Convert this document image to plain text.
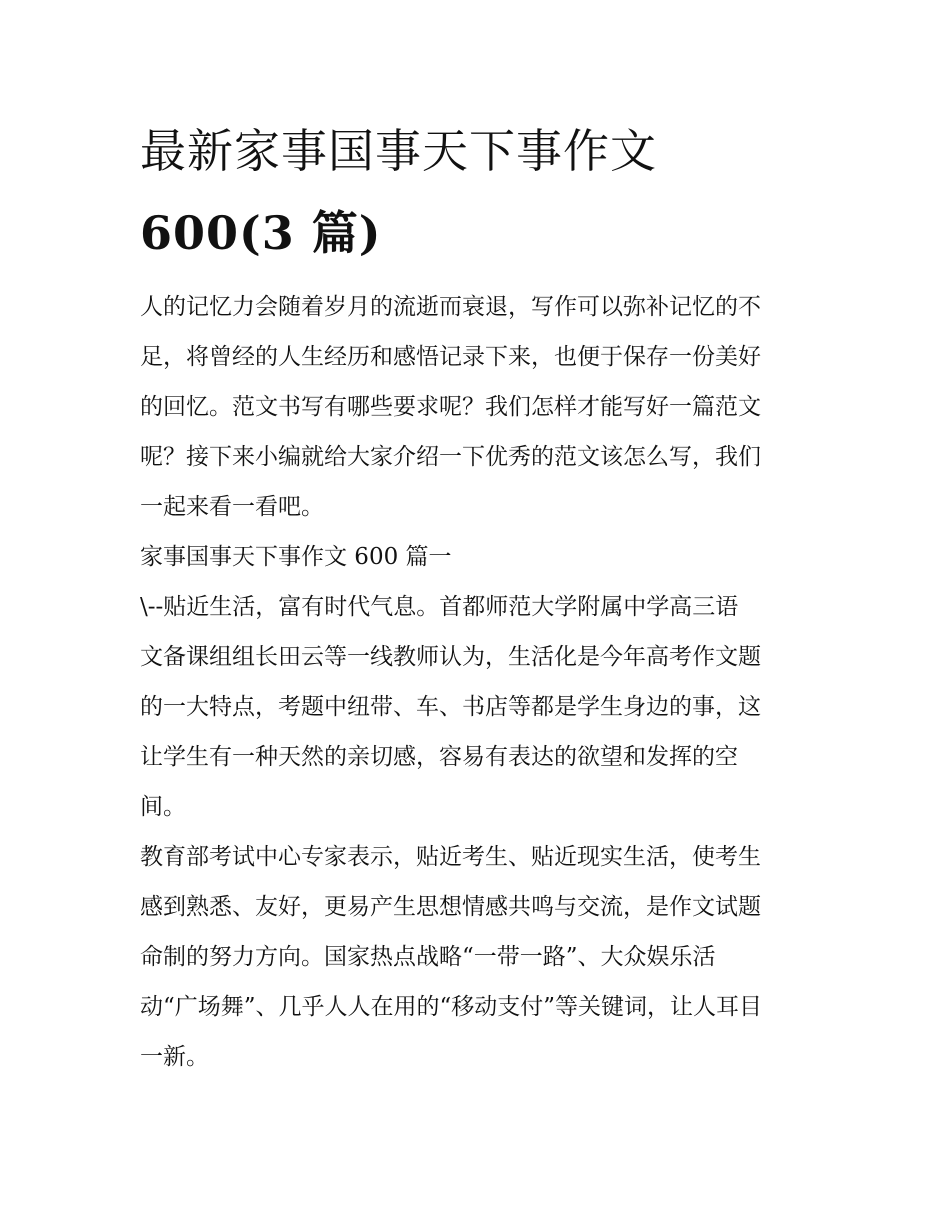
最新家事国事天下事作文
600(3 篇)

人的记忆力会随着岁月的流逝而衰退，写作可以弥补记忆的不
足，将曾经的人生经历和感悟记录下来，也便于保存一份美好
的回忆。范文书写有哪些要求呢？我们怎样才能写好一篇范文
呢？接下来小编就给大家介绍一下优秀的范文该怎么写，我们
一起来看一看吧。

家事国事天下事作文 600 篇一

\--贴近生活，富有时代气息。首都师范大学附属中学高三语
文备课组组长田云等一线教师认为，生活化是今年高考作文题
的一大特点，考题中纽带、车、书店等都是学生身边的事，这
让学生有一种天然的亲切感，容易有表达的欲望和发挥的空
间。

教育部考试中心专家表示，贴近考生、贴近现实生活，使考生
感到熟悉、友好，更易产生思想情感共鸣与交流，是作文试题
命制的努力方向。国家热点战略“一带一路”、大众娱乐活
动“广场舞”、几乎人人在用的“移动支付”等关键词，让人耳目
一新。
